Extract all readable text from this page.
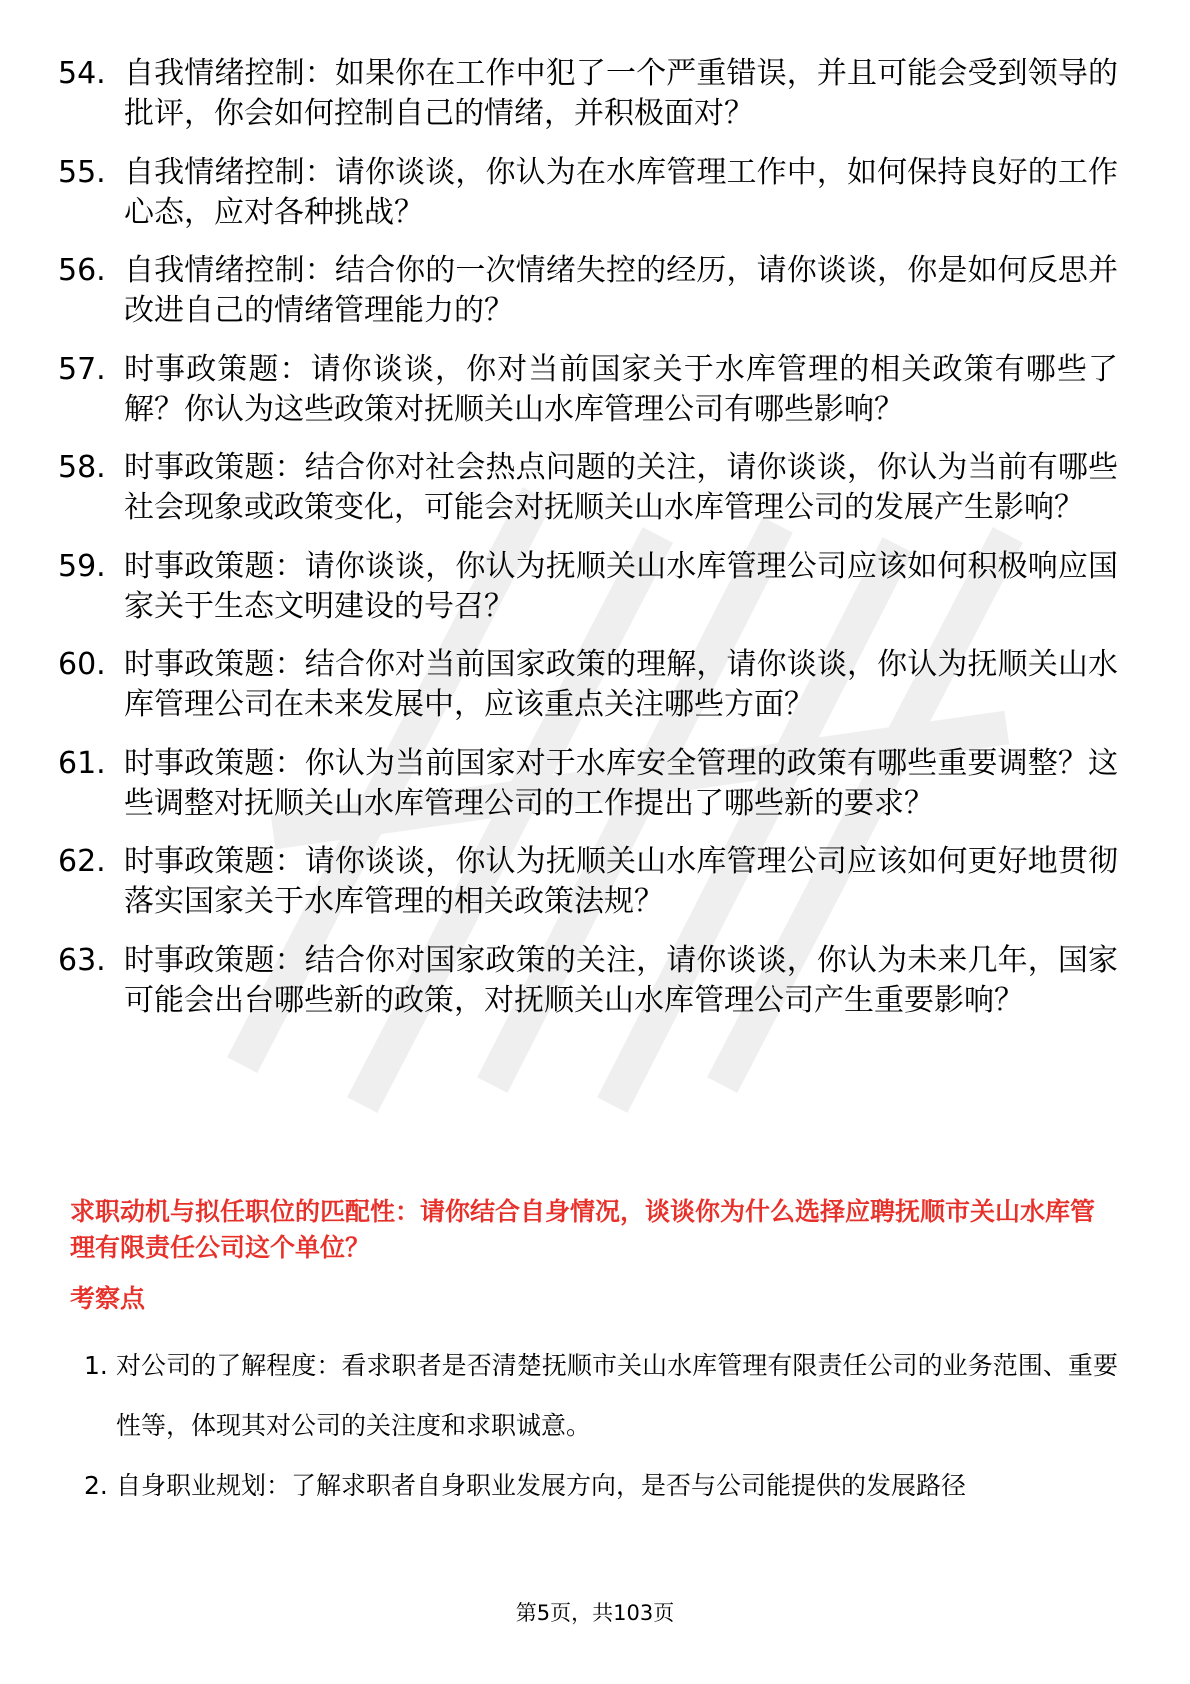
54. 自我情绪控制：如果你在工作中犯了一个严重错误，并且可能会受到领导的批评，你会如何控制自己的情绪，并积极面对？
55. 自我情绪控制：请你谈谈，你认为在水库管理工作中，如何保持良好的工作心态，应对各种挑战？
56. 自我情绪控制：结合你的一次情绪失控的经历，请你谈谈，你是如何反思并改进自己的情绪管理能力的？
57. 时事政策题：请你谈谈，你对当前国家关于水库管理的相关政策有哪些了解？你认为这些政策对抚顺关山水库管理公司有哪些影响？
58. 时事政策题：结合你对社会热点问题的关注，请你谈谈，你认为当前有哪些社会现象或政策变化，可能会对抚顺关山水库管理公司的发展产生影响？
59. 时事政策题：请你谈谈，你认为抚顺关山水库管理公司应该如何积极响应国家关于生态文明建设的号召？
60. 时事政策题：结合你对当前国家政策的理解，请你谈谈，你认为抚顺关山水库管理公司在未来发展中，应该重点关注哪些方面？
61. 时事政策题：你认为当前国家对于水库安全管理的政策有哪些重要调整？这些调整对抚顺关山水库管理公司的工作提出了哪些新的要求？
62. 时事政策题：请你谈谈，你认为抚顺关山水库管理公司应该如何更好地贯彻落实国家关于水库管理的相关政策法规？
63. 时事政策题：结合你对国家政策的关注，请你谈谈，你认为未来几年，国家可能会出台哪些新的政策，对抚顺关山水库管理公司产生重要影响？
求职动机与拟任职位的匹配性：请你结合自身情况，谈谈你为什么选择应聘抚顺市关山水库管理有限责任公司这个单位？
考察点
1. 对公司的了解程度：看求职者是否清楚抚顺市关山水库管理有限责任公司的业务范围、重要性等，体现其对公司的关注度和求职诚意。
2. 自身职业规划：了解求职者自身职业发展方向，是否与公司能提供的发展路径
第5页，共103页
